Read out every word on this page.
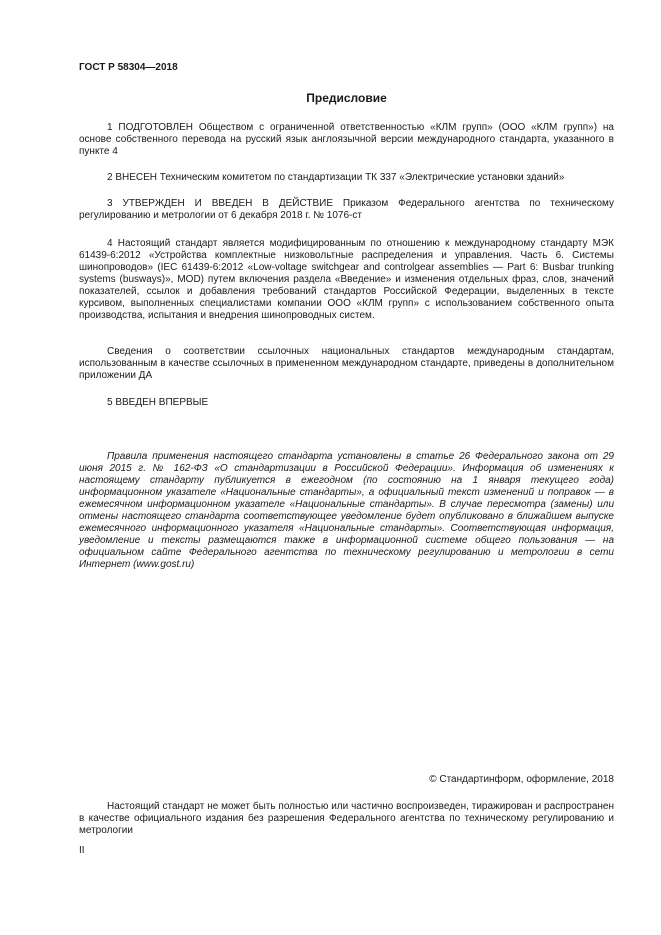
ГОСТ Р 58304—2018
Предисловие

1 ПОДГОТОВЛЕН Обществом с ограниченной ответственностью «КЛМ групп» (ООО «КЛМ групп») на основе собственного перевода на русский язык англоязычной версии международного стандарта, указанного в пункте 4

2 ВНЕСЕН Техническим комитетом по стандартизации ТК 337 «Электрические установки зданий»

3 УТВЕРЖДЕН И ВВЕДЕН В ДЕЙСТВИЕ Приказом Федерального агентства по техническому регулированию и метрологии от 6 декабря 2018 г. № 1076-ст

4 Настоящий стандарт является модифицированным по отношению к международному стандарту МЭК 61439-6:2012 «Устройства комплектные низковольтные распределения и управления. Часть 6. Системы шинопроводов» (IEC 61439-6:2012 «Low-voltage switchgear and controlgear assemblies — Part 6: Busbar trunking systems (busways)», MOD) путем включения раздела «Введение» и изменения отдельных фраз, слов, значений показателей, ссылок и добавления требований стандартов Российской Федерации, выделенных в тексте курсивом, выполненных специалистами компании ООО «КЛМ групп» с использованием собственного опыта производства, испытания и внедрения шинопроводных систем.

Сведения о соответствии ссылочных национальных стандартов международным стандартам, использованным в качестве ссылочных в примененном международном стандарте, приведены в дополнительном приложении ДА

5 ВВЕДЕН ВПЕРВЫЕ

Правила применения настоящего стандарта установлены в статье 26 Федерального закона от 29 июня 2015 г. № 162-ФЗ «О стандартизации в Российской Федерации». Информация об изменениях к настоящему стандарту публикуется в ежегодном (по состоянию на 1 января текущего года) информационном указателе «Национальные стандарты», а официальный текст изменений и поправок — в ежемесячном информационном указателе «Национальные стандарты». В случае пересмотра (замены) или отмены настоящего стандарта соответствующее уведомление будет опубликовано в ближайшем выпуске ежемесячного информационного указателя «Национальные стандарты». Соответствующая информация, уведомление и тексты размещаются также в информационной системе общего пользования — на официальном сайте Федерального агентства по техническому регулированию и метрологии в сети Интернет (www.gost.ru)

© Стандартинформ, оформление, 2018

Настоящий стандарт не может быть полностью или частично воспроизведен, тиражирован и распространен в качестве официального издания без разрешения Федерального агентства по техническому регулированию и метрологии

II
